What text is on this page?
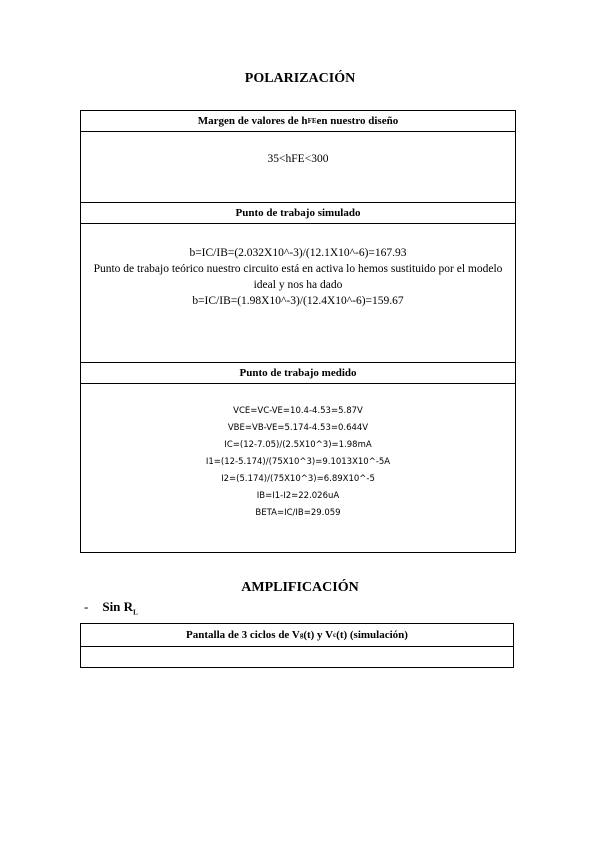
POLARIZACIÓN
Margen de valores de h FE en nuestro diseño
35<hFE<300
Punto de trabajo simulado
b=IC/IB=(2.032X10^-3)/(12.1X10^-6)=167.93
Punto de trabajo teórico nuestro circuito está en activa lo hemos sustituido por el modelo ideal y nos ha dado
b=IC/IB=(1.98X10^-3)/(12.4X10^-6)=159.67
Punto de trabajo medido
VCE=VC-VE=10.4-4.53=5.87V
VBE=VB-VE=5.174-4.53=0.644V
IC=(12-7.05)/(2.5X10^3)=1.98mA
I1=(12-5.174)/(75X10^3)=9.1013X10^-5A
I2=(5.174)/(75X10^3)=6.89X10^-5
IB=I1-I2=22.026uA
BETA=IC/IB=29.059
AMPLIFICACIÓN
- Sin $R_L$
Pantalla de 3 ciclos de V g (t) y V c (t) (simulación)
